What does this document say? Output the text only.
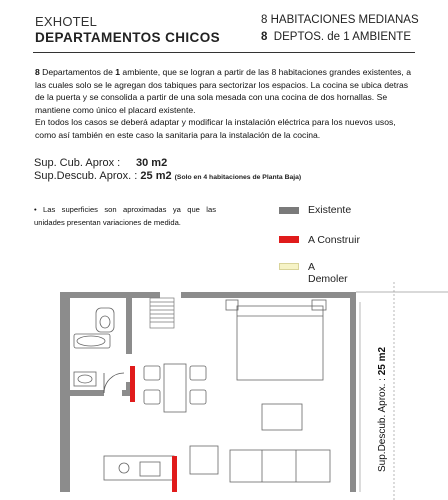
EXHOTEL
DEPARTAMENTOS CHICOS
8 HABITACIONES MEDIANAS
8 DEPTOS. de 1 AMBIENTE
8 Departamentos de 1 ambiente, que se logran a partir de las 8 habitaciones grandes existentes, a las cuales solo se le agregan dos tabiques para sectorizar los espacios. La cocina se ubica detras de la puerta y se consolida a partir de una sola mesada con una cocina de dos hornallas. Se mantiene como único el placard existente.
En todos los casos se deberá adaptar y modificar la instalación eléctrica para los nuevos usos, como así también en este caso la sanitaria para la instalación de la cocina.
Sup. Cub. Aprox : 30 m2
Sup.Descub. Aprox. : 25 m2 (Solo en 4 habitaciones de Planta Baja)
• Las superficies son aproximadas ya que las unidades presentan variaciones de medida.
Existente
A Construir
A Demoler
Sup.Descub. Aprox. : 25 m2
